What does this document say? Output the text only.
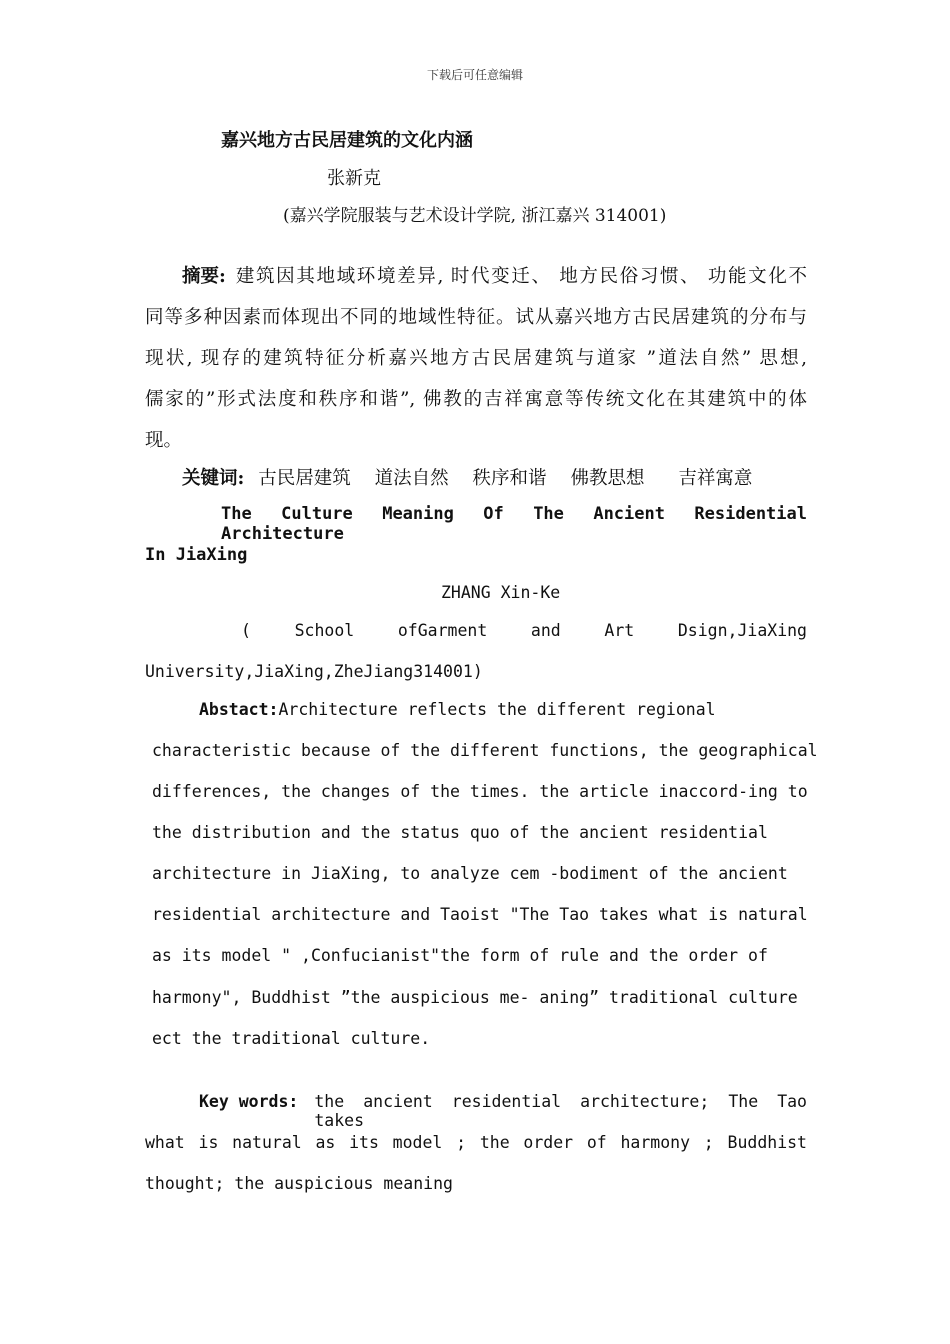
下载后可任意编辑
嘉兴地方古民居建筑的文化内涵
张新克
(嘉兴学院服装与艺术设计学院, 浙江嘉兴 314001)
摘要: 建筑因其地域环境差异, 时代变迁、 地方民俗习惯、 功能文化不
同等多种因素而体现出不同的地域性特征。试从嘉兴地方古民居建筑的分布与
现状, 现存的建筑特征分析嘉兴地方古民居建筑与道家 ”道法自然” 思想,
儒家的”形式法度和秩序和谐”, 佛教的吉祥寓意等传统文化在其建筑中的体
现。
关键词: 古民居建筑 道法自然 秩序和谐 佛教思想 吉祥寓意
The Culture Meaning Of The Ancient Residential Architecture
In JiaXing
ZHANG Xin-Ke
( School ofGarment and Art Dsign,JiaXing
University,JiaXing,ZheJiang314001)
Abstact:Architecture reflects the different regional
characteristic because of the different functions, the geographical
differences, the changes of the times. the article inaccord-ing to
the distribution and the status quo of the ancient residential
architecture in JiaXing, to analyze cem -bodiment of the ancient
residential architecture and Taoist "The Tao takes what is natural
as its model " ,Confucianist"the form of rule and the order of
harmony", Buddhist ”the auspicious me- aning” traditional culture
ect the traditional culture.
Key words: the ancient residential architecture; The Tao takes
what is natural as its model ; the order of harmony ; Buddhist
thought; the auspicious meaning
